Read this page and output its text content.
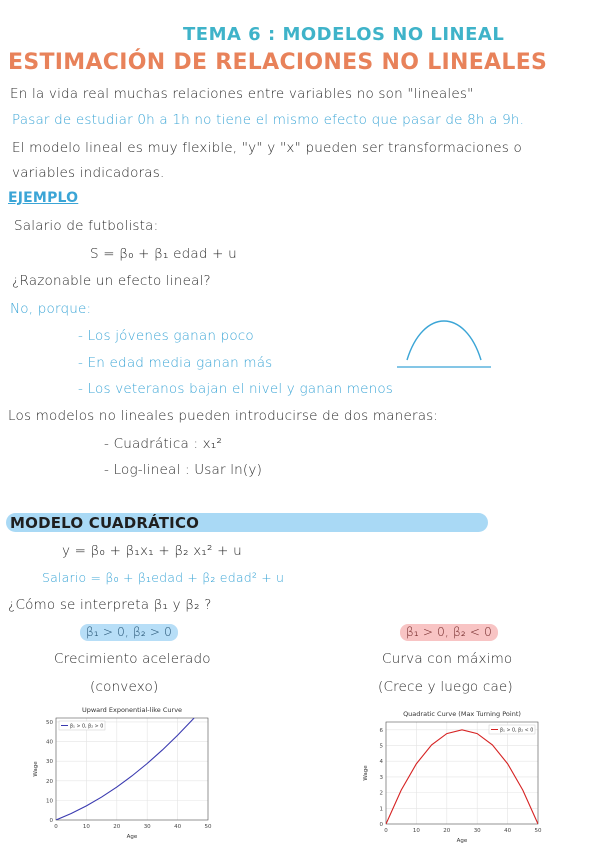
TEMA 6 : MODELOS NO LINEAL
ESTIMACIÓN DE RELACIONES NO LINEALES
En la vida real muchas relaciones entre variables no son "lineales"
Pasar de estudiar 0h a 1h no tiene el mismo efecto que pasar de 8h a 9h.
El modelo lineal es muy flexible, "y" y "x" pueden ser transformaciones o
variables indicadoras.
EJEMPLO
Salario de futbolista:
S = β₀ + β₁ edad + u
¿Razonable un efecto lineal?
No, porque:
- Los jóvenes ganan poco
- En edad media ganan más
- Los veteranos bajan el nivel y ganan menos
Los modelos no lineales pueden introducirse de dos maneras:
- Cuadrática : x₁²
- Log-lineal : Usar ln(y)
MODELO CUADRÁTICO
y = β₀ + β₁x₁ + β₂ x₁² + u
Salario = β₀ + β₁edad + β₂ edad² + u
¿Cómo se interpreta β₁ y β₂ ?
β₁ > 0, β₂ > 0	β₁ > 0, β₂ < 0
Crecimiento acelerado
(convexo)
Curva con máximo
(Crece y luego cae)
Upward Exponential-like Curve
0	10	20	30	40	50
0
10
20
30
40
50
Age
Wage
β₁ > 0, β₂ > 0
Quadratic Curve (Max Turning Point)
0	10	20	30	40	50
0
1
2
3
4
5
6
Age
Wage
β₁ > 0, β₂ < 0
